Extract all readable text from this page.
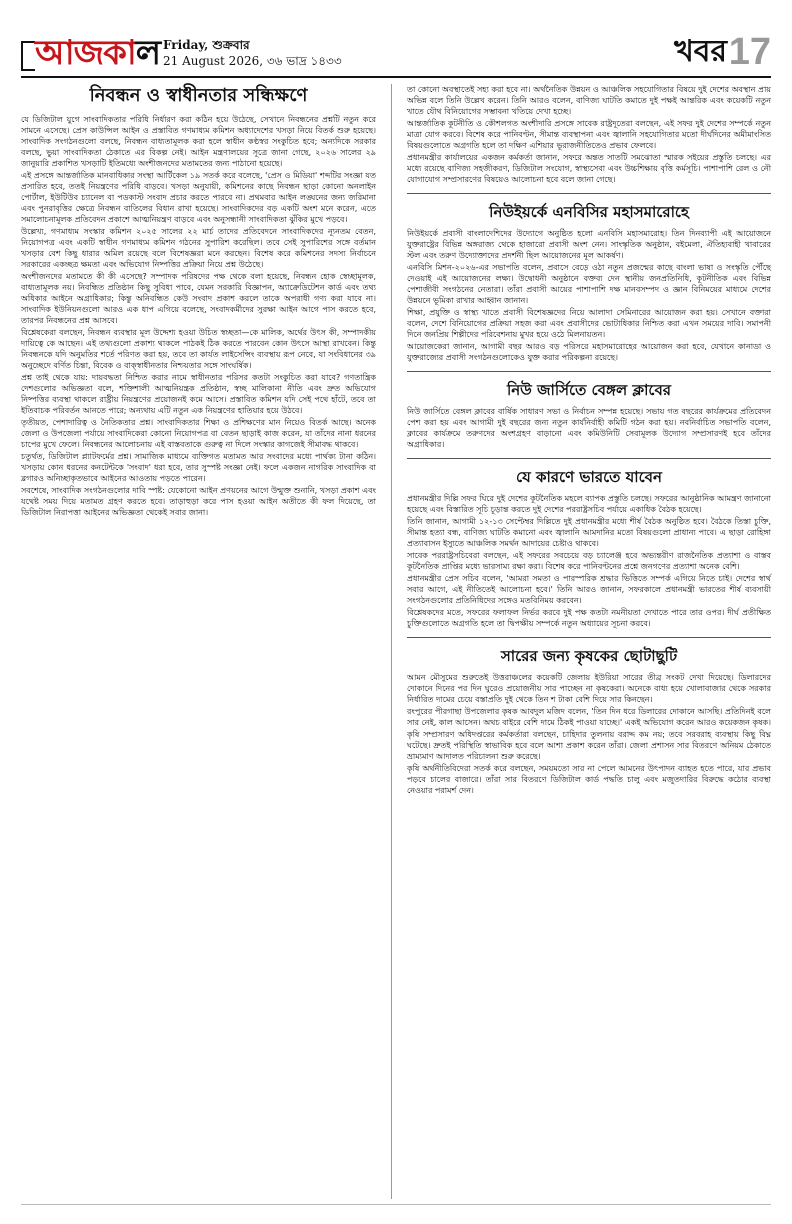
আজকাল Friday, শুক্রবার
21 August 2026, ৩৬ ভাদ্র ১৪৩৩	খবর 17
নিবন্ধন ও স্বাধীনতার সন্ধিক্ষণে

যে ডিজিটাল যুগে সাংবাদিকতার পরিধি নির্ধারণ করা কঠিন হয়ে উঠেছে, সেখানে নিবন্ধনের প্রশ্নটি নতুন করে সামনে এসেছে। প্রেস কাউন্সিল আইন ও প্রস্তাবিত গণমাধ্যম কমিশন অধ্যাদেশের খসড়া নিয়ে বিতর্ক শুরু হয়েছে। সাংবাদিক সংগঠনগুলো বলছে, নিবন্ধন বাধ্যতামূলক করা হলে স্বাধীন কণ্ঠস্বর সংকুচিত হবে; অন্যদিকে সরকার বলছে, ভুয়া সাংবাদিকতা ঠেকাতে এর বিকল্প নেই। আইন মন্ত্রণালয়ের সূত্রে জানা গেছে, ২০২৬ সালের ২৯ জানুয়ারি প্রকাশিত খসড়াটি ইতিমধ্যে অংশীজনদের মতামতের জন্য পাঠানো হয়েছে।

এই প্রসঙ্গে আন্তর্জাতিক মানবাধিকার সংস্থা আর্টিকেল ১৯ সতর্ক করে বলেছে, 'প্রেস ও মিডিয়া' শব্দটির সংজ্ঞা যত প্রসারিত হবে, ততই নিয়ন্ত্রণের পরিধি বাড়বে। খসড়া অনুযায়ী, কমিশনের কাছে নিবন্ধন ছাড়া কোনো অনলাইন পোর্টাল, ইউটিউব চ্যানেল বা পডকাস্ট সংবাদ প্রচার করতে পারবে না। প্রথমবার আইন লঙ্ঘনের জন্য জরিমানা এবং পুনরাবৃত্তির ক্ষেত্রে নিবন্ধন বাতিলের বিধান রাখা হয়েছে। সাংবাদিকদের বড় একটি অংশ মনে করেন, এতে সমালোচনামূলক প্রতিবেদন প্রকাশে আত্মনিয়ন্ত্রণ বাড়বে এবং অনুসন্ধানী সাংবাদিকতা ঝুঁকির মুখে পড়বে।

উল্লেখ্য, গণমাধ্যম সংস্কার কমিশন ২০২৫ সালের ২২ মার্চ তাদের প্রতিবেদনে সাংবাদিকদের ন্যূনতম বেতন, নিয়োগপত্র এবং একটি স্বাধীন গণমাধ্যম কমিশন গঠনের সুপারিশ করেছিল। তবে সেই সুপারিশের সঙ্গে বর্তমান খসড়ার বেশ কিছু ধারার অমিল রয়েছে বলে বিশেষজ্ঞরা মনে করছেন। বিশেষ করে কমিশনের সদস্য নির্বাচনে সরকারের একচ্ছত্র ক্ষমতা এবং অভিযোগ নিষ্পত্তির প্রক্রিয়া নিয়ে প্রশ্ন উঠেছে।

অংশীজনদের মতামতে কী কী এসেছে? সম্পাদক পরিষদের পক্ষ থেকে বলা হয়েছে, নিবন্ধন হোক স্বেচ্ছামূলক, বাধ্যতামূলক নয়। নিবন্ধিত প্রতিষ্ঠান কিছু সুবিধা পাবে, যেমন সরকারি বিজ্ঞাপন, অ্যাক্রেডিটেশন কার্ড এবং তথ্য অধিকার আইনে অগ্রাধিকার; কিন্তু অনিবন্ধিত কেউ সংবাদ প্রকাশ করলে তাকে অপরাধী গণ্য করা যাবে না। সাংবাদিক ইউনিয়নগুলো আরও এক ধাপ এগিয়ে বলেছে, সংবাদকর্মীদের সুরক্ষা আইন আগে পাস করতে হবে, তারপর নিবন্ধনের প্রশ্ন আসবে।

বিশ্লেষকেরা বলছেন, নিবন্ধন ব্যবস্থার মূল উদ্দেশ্য হওয়া উচিত স্বচ্ছতা—কে মালিক, অর্থের উৎস কী, সম্পাদকীয় দায়িত্বে কে আছেন। এই তথ্যগুলো প্রকাশ্য থাকলে পাঠকই ঠিক করতে পারবেন কোন উৎসে আস্থা রাখবেন। কিন্তু নিবন্ধনকে যদি অনুমতির শর্তে পরিণত করা হয়, তবে তা কার্যত লাইসেন্সিং ব্যবস্থায় রূপ নেবে, যা সংবিধানের ৩৯ অনুচ্ছেদে বর্ণিত চিন্তা, বিবেক ও বাক্‌স্বাধীনতার নিশ্চয়তার সঙ্গে সাংঘর্ষিক।

প্রশ্ন তাই থেকে যায়: দায়বদ্ধতা নিশ্চিত করার নামে স্বাধীনতার পরিসর কতটা সংকুচিত করা যাবে? গণতান্ত্রিক দেশগুলোর অভিজ্ঞতা বলে, শক্তিশালী আত্মনিয়ন্ত্রক প্রতিষ্ঠান, স্বচ্ছ মালিকানা নীতি এবং দ্রুত অভিযোগ নিষ্পত্তির ব্যবস্থা থাকলে রাষ্ট্রীয় নিয়ন্ত্রণের প্রয়োজনই কমে আসে। প্রস্তাবিত কমিশন যদি সেই পথে হাঁটে, তবে তা ইতিবাচক পরিবর্তন আনতে পারে; অন্যথায় এটি নতুন এক নিয়ন্ত্রণের হাতিয়ার হয়ে উঠবে।

তৃতীয়ত, পেশাদারিত্ব ও নৈতিকতার প্রশ্ন। সাংবাদিকতার শিক্ষা ও প্রশিক্ষণের মান নিয়েও বিতর্ক আছে। অনেক জেলা ও উপজেলা পর্যায়ে সাংবাদিকেরা কোনো নিয়োগপত্র বা বেতন ছাড়াই কাজ করেন, যা তাঁদের নানা ধরনের চাপের মুখে ফেলে। নিবন্ধনের আলোচনায় এই বাস্তবতাকে গুরুত্ব না দিলে সংস্কার কাগজেই সীমাবদ্ধ থাকবে।

চতুর্থত, ডিজিটাল প্ল্যাটফর্মের প্রশ্ন। সামাজিক মাধ্যমে ব্যক্তিগত মতামত আর সংবাদের মধ্যে পার্থক্য টানা কঠিন। খসড়ায় কোন ধরনের কনটেন্টকে 'সংবাদ' ধরা হবে, তার সুস্পষ্ট সংজ্ঞা নেই। ফলে একজন নাগরিক সাংবাদিক বা ব্লগারও অনিচ্ছাকৃতভাবে আইনের আওতায় পড়তে পারেন।

সবশেষে, সাংবাদিক সংগঠনগুলোর দাবি স্পষ্ট: যেকোনো আইন প্রণয়নের আগে উন্মুক্ত শুনানি, খসড়া প্রকাশ এবং যথেষ্ট সময় দিয়ে মতামত গ্রহণ করতে হবে। তাড়াহুড়া করে পাস হওয়া আইন অতীতে কী ফল দিয়েছে, তা ডিজিটাল নিরাপত্তা আইনের অভিজ্ঞতা থেকেই সবার জানা।

তা কোনো অবস্থাতেই সহ্য করা হবে না। অর্থনৈতিক উন্নয়ন ও আঞ্চলিক সহযোগিতার বিষয়ে দুই দেশের অবস্থান প্রায় অভিন্ন বলে তিনি উল্লেখ করেন। তিনি আরও বলেন, বাণিজ্য ঘাটতি কমাতে দুই পক্ষই আন্তরিক এবং কয়েকটি নতুন খাতে যৌথ বিনিয়োগের সম্ভাবনা খতিয়ে দেখা হচ্ছে।

আন্তর্জাতিক কূটনীতি ও কৌশলগত অংশীদারি প্রসঙ্গে সাবেক রাষ্ট্রদূতেরা বলছেন, এই সফর দুই দেশের সম্পর্কে নতুন মাত্রা যোগ করবে। বিশেষ করে পানিবণ্টন, সীমান্ত ব্যবস্থাপনা এবং জ্বালানি সহযোগিতার মতো দীর্ঘদিনের অমীমাংসিত বিষয়গুলোতে অগ্রগতি হলে তা দক্ষিণ এশিয়ার ভূরাজনীতিতেও প্রভাব ফেলবে।

প্রধানমন্ত্রীর কার্যালয়ের একজন কর্মকর্তা জানান, সফরে অন্তত সাতটি সমঝোতা স্মারক সইয়ের প্রস্তুতি চলছে। এর মধ্যে রয়েছে বাণিজ্য সহজীকরণ, ডিজিটাল সংযোগ, স্বাস্থ্যসেবা এবং উচ্চশিক্ষায় বৃত্তি কর্মসূচি। পাশাপাশি রেল ও নৌ যোগাযোগ সম্প্রসারণের বিষয়েও আলোচনা হবে বলে জানা গেছে।

নিউইয়র্কে এনবিসির মহাসমারোহে

নিউইয়র্কে প্রবাসী বাংলাদেশিদের উদ্যোগে অনুষ্ঠিত হলো এনবিসি মহাসমারোহ। তিন দিনব্যাপী এই আয়োজনে যুক্তরাষ্ট্রের বিভিন্ন অঙ্গরাজ্য থেকে হাজারো প্রবাসী অংশ নেন। সাংস্কৃতিক অনুষ্ঠান, বইমেলা, ঐতিহ্যবাহী খাবারের স্টল এবং তরুণ উদ্যোক্তাদের প্রদর্শনী ছিল আয়োজনের মূল আকর্ষণ।

এনবিসি মিশন-২০২৬-এর সভাপতি বলেন, প্রবাসে বেড়ে ওঠা নতুন প্রজন্মের কাছে বাংলা ভাষা ও সংস্কৃতি পৌঁছে দেওয়াই এই আয়োজনের লক্ষ্য। উদ্বোধনী অনুষ্ঠানে বক্তব্য দেন স্থানীয় জনপ্রতিনিধি, কূটনীতিক এবং বিভিন্ন পেশাজীবী সংগঠনের নেতারা। তাঁরা প্রবাসী আয়ের পাশাপাশি দক্ষ মানবসম্পদ ও জ্ঞান বিনিময়ের মাধ্যমে দেশের উন্নয়নে ভূমিকা রাখার আহ্বান জানান।

শিক্ষা, প্রযুক্তি ও স্বাস্থ্য খাতে প্রবাসী বিশেষজ্ঞদের নিয়ে আলাদা সেমিনারের আয়োজন করা হয়। সেখানে বক্তারা বলেন, দেশে বিনিয়োগের প্রক্রিয়া সহজ করা এবং প্রবাসীদের ভোটাধিকার নিশ্চিত করা এখন সময়ের দাবি। সমাপনী দিনে জনপ্রিয় শিল্পীদের পরিবেশনায় মুখর হয়ে ওঠে মিলনায়তন।

আয়োজকেরা জানান, আগামী বছর আরও বড় পরিসরে মহাসমারোহের আয়োজন করা হবে, যেখানে কানাডা ও যুক্তরাজ্যের প্রবাসী সংগঠনগুলোকেও যুক্ত করার পরিকল্পনা রয়েছে।

নিউ জার্সিতে বেঙ্গল ক্লাবের

নিউ জার্সিতে বেঙ্গল ক্লাবের বার্ষিক সাধারণ সভা ও নির্বাচন সম্পন্ন হয়েছে। সভায় গত বছরের কার্যক্রমের প্রতিবেদন পেশ করা হয় এবং আগামী দুই বছরের জন্য নতুন কার্যনির্বাহী কমিটি গঠন করা হয়। নবনির্বাচিত সভাপতি বলেন, ক্লাবের কার্যক্রমে তরুণদের অংশগ্রহণ বাড়ানো এবং কমিউনিটি সেবামূলক উদ্যোগ সম্প্রসারণই হবে তাঁদের অগ্রাধিকার।

যে কারণে ভারতে যাবেন

প্রধানমন্ত্রীর দিল্লি সফর ঘিরে দুই দেশের কূটনৈতিক মহলে ব্যাপক প্রস্তুতি চলছে। সফরের আনুষ্ঠানিক আমন্ত্রণ জানানো হয়েছে এবং বিস্তারিত সূচি চূড়ান্ত করতে দুই দেশের পররাষ্ট্রসচিব পর্যায়ে একাধিক বৈঠক হয়েছে।

তিনি জানান, আগামী ১২-১৩ সেপ্টেম্বর দিল্লিতে দুই প্রধানমন্ত্রীর মধ্যে শীর্ষ বৈঠক অনুষ্ঠিত হবে। বৈঠকে তিস্তা চুক্তি, সীমান্ত হত্যা বন্ধ, বাণিজ্য ঘাটতি কমানো এবং জ্বালানি আমদানির মতো বিষয়গুলো প্রাধান্য পাবে। এ ছাড়া রোহিঙ্গা প্রত্যাবাসন ইস্যুতে আঞ্চলিক সমর্থন আদায়ের চেষ্টাও থাকবে।

সাবেক পররাষ্ট্রসচিবেরা বলছেন, এই সফরের সবচেয়ে বড় চ্যালেঞ্জ হবে অভ্যন্তরীণ রাজনৈতিক প্রত্যাশা ও বাস্তব কূটনৈতিক প্রাপ্তির মধ্যে ভারসাম্য রক্ষা করা। বিশেষ করে পানিবণ্টনের প্রশ্নে জনগণের প্রত্যাশা অনেক বেশি।

প্রধানমন্ত্রীর প্রেস সচিব বলেন, 'আমরা সমতা ও পারস্পরিক শ্রদ্ধার ভিত্তিতে সম্পর্ক এগিয়ে নিতে চাই। দেশের স্বার্থ সবার আগে, এই নীতিতেই আলোচনা হবে।' তিনি আরও জানান, সফরকালে প্রধানমন্ত্রী ভারতের শীর্ষ ব্যবসায়ী সংগঠনগুলোর প্রতিনিধিদের সঙ্গেও মতবিনিময় করবেন।

বিশ্লেষকদের মতে, সফরের ফলাফল নির্ভর করবে দুই পক্ষ কতটা নমনীয়তা দেখাতে পারে তার ওপর। দীর্ঘ প্রতীক্ষিত চুক্তিগুলোতে অগ্রগতি হলে তা দ্বিপক্ষীয় সম্পর্কে নতুন অধ্যায়ের সূচনা করবে।

সারের জন্য কৃষকের ছোটাছুটি

আমন মৌসুমের শুরুতেই উত্তরাঞ্চলের কয়েকটি জেলায় ইউরিয়া সারের তীব্র সংকট দেখা দিয়েছে। ডিলারদের দোকানে দিনের পর দিন ঘুরেও প্রয়োজনীয় সার পাচ্ছেন না কৃষকেরা। অনেকে বাধ্য হয়ে খোলাবাজার থেকে সরকার নির্ধারিত দামের চেয়ে বস্তাপ্রতি দুই থেকে তিন শ টাকা বেশি দিয়ে সার কিনছেন।

রংপুরের পীরগাছা উপজেলার কৃষক আবদুল মজিদ বলেন, 'তিন দিন ধরে ডিলারের দোকানে আসছি। প্রতিদিনই বলে সার নেই, কাল আসেন। অথচ বাইরে বেশি দামে ঠিকই পাওয়া যাচ্ছে।' একই অভিযোগ করেন আরও কয়েকজন কৃষক।

কৃষি সম্প্রসারণ অধিদপ্তরের কর্মকর্তারা বলছেন, চাহিদার তুলনায় বরাদ্দ কম নয়; তবে সরবরাহ ব্যবস্থায় কিছু বিঘ্ন ঘটেছে। দ্রুতই পরিস্থিতি স্বাভাবিক হবে বলে আশা প্রকাশ করেন তাঁরা। জেলা প্রশাসন সার বিতরণে অনিয়ম ঠেকাতে ভ্রাম্যমাণ আদালত পরিচালনা শুরু করেছে।

কৃষি অর্থনীতিবিদেরা সতর্ক করে বলছেন, সময়মতো সার না পেলে আমনের উৎপাদন ব্যাহত হতে পারে, যার প্রভাব পড়বে চালের বাজারে। তাঁরা সার বিতরণে ডিজিটাল কার্ড পদ্ধতি চালু এবং মজুতদারির বিরুদ্ধে কঠোর ব্যবস্থা নেওয়ার পরামর্শ দেন।
